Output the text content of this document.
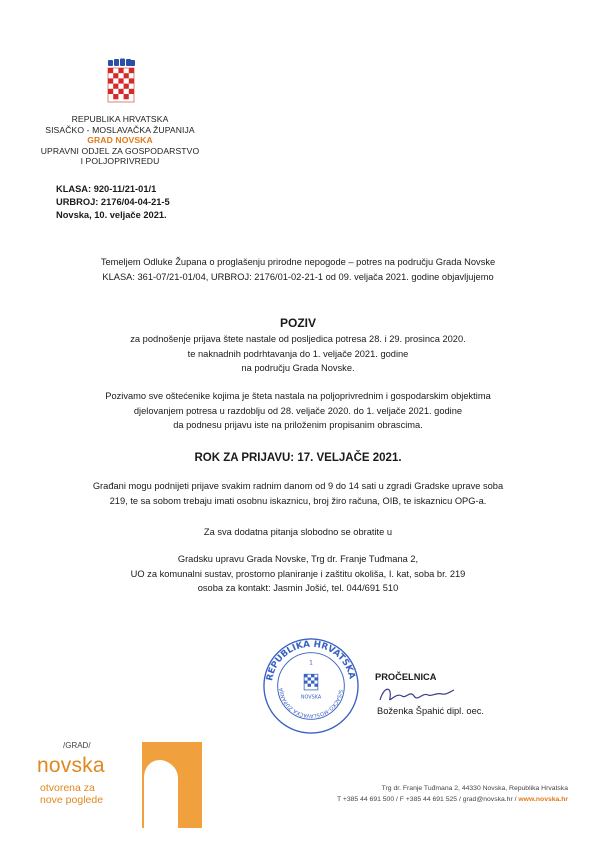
REPUBLIKA HRVATSKA
SISAČKO - MOSLAVAČKA ŽUPANIJA
GRAD NOVSKA
UPRAVNI ODJEL ZA GOSPODARSTVO
I POLJOPRIVREDU
KLASA: 920-11/21-01/1
URBROJ: 2176/04-04-21-5
Novska, 10. veljače 2021.
Temeljem Odluke Župana o proglašenju prirodne nepogode – potres na području Grada Novske
KLASA: 361-07/21-01/04, URBROJ: 2176/01-02-21-1 od 09. veljača 2021. godine objavljujemo
POZIV
za podnošenje prijava štete nastale od posljedica potresa 28. i 29. prosinca 2020.
te naknadnih podrhtavanja do 1. veljače 2021. godine
na području Grada Novske.
Pozivamo sve oštećenike kojima je šteta nastala na poljoprivrednim i gospodarskim objektima
djelovanjem potresa u razdoblju od 28. veljače 2020. do 1. veljače 2021. godine
da podnesu prijavu iste na priloženim propisanim obrascima.
ROK ZA PRIJAVU: 17. VELJAČE 2021.
Građani mogu podnijeti prijave svakim radnim danom od 9 do 14 sati u zgradi Gradske uprave soba
219, te sa sobom trebaju imati osobnu iskaznicu, broj žiro računa, OIB, te iskaznicu OPG-a.
Za sva dodatna pitanja slobodno se obratite u
Gradsku upravu Grada Novske, Trg dr. Franje Tuđmana 2,
UO za komunalni sustav, prostorno planiranje i zaštitu okoliša, I. kat, soba br. 219
osoba za kontakt: Jasmin Jošić, tel. 044/691 510
REPUBLIKA HRVATSKA
SISAČKO-MOSLAVAČKA ŽUPANIJA
1
NOVSKA
PROČELNICA
Boženka Špahić dipl. oec.
/GRAD/
novska
otvorena za
nove poglede
Trg dr. Franje Tuđmana 2, 44330 Novska, Republika Hrvatska
T +385 44 691 500 / F +385 44 691 525 / grad@novska.hr / www.novska.hr
